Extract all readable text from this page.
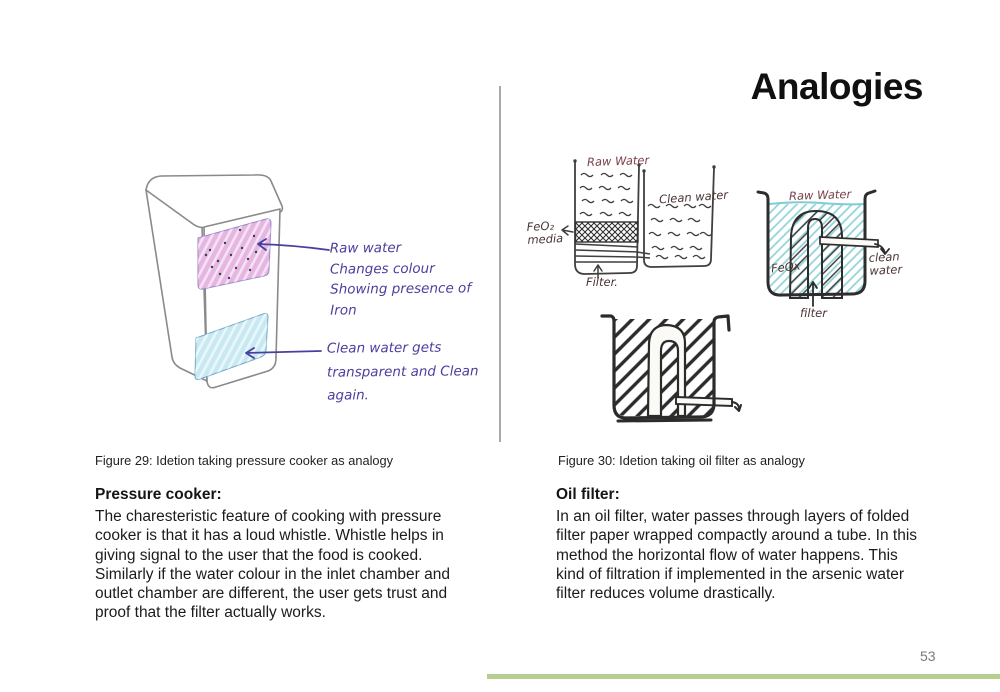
Analogies
Raw water
Changes colour
Showing presence of
Iron
Clean water gets
transparent and Clean
again.
Raw Water
Clean water
FeO₂
media
Filter.
Raw Water
clean
water
FeOx
filter
Figure 29: Idetion taking pressure cooker as analogy	Figure 30: Idetion taking oil filter as analogy
Pressure cooker:
The charesteristic feature of cooking with pressure
cooker is that it has a loud whistle. Whistle helps in
giving signal to the user that the food is cooked.
Similarly if the water colour in the inlet chamber and
outlet chamber are different, the user gets trust and
proof that the filter actually works.
Oil filter:
In an oil filter, water passes through layers of folded
filter paper wrapped compactly around a tube. In this
method the horizontal flow of water happens. This
kind of filtration if implemented in the arsenic water
filter reduces volume drastically.
53
